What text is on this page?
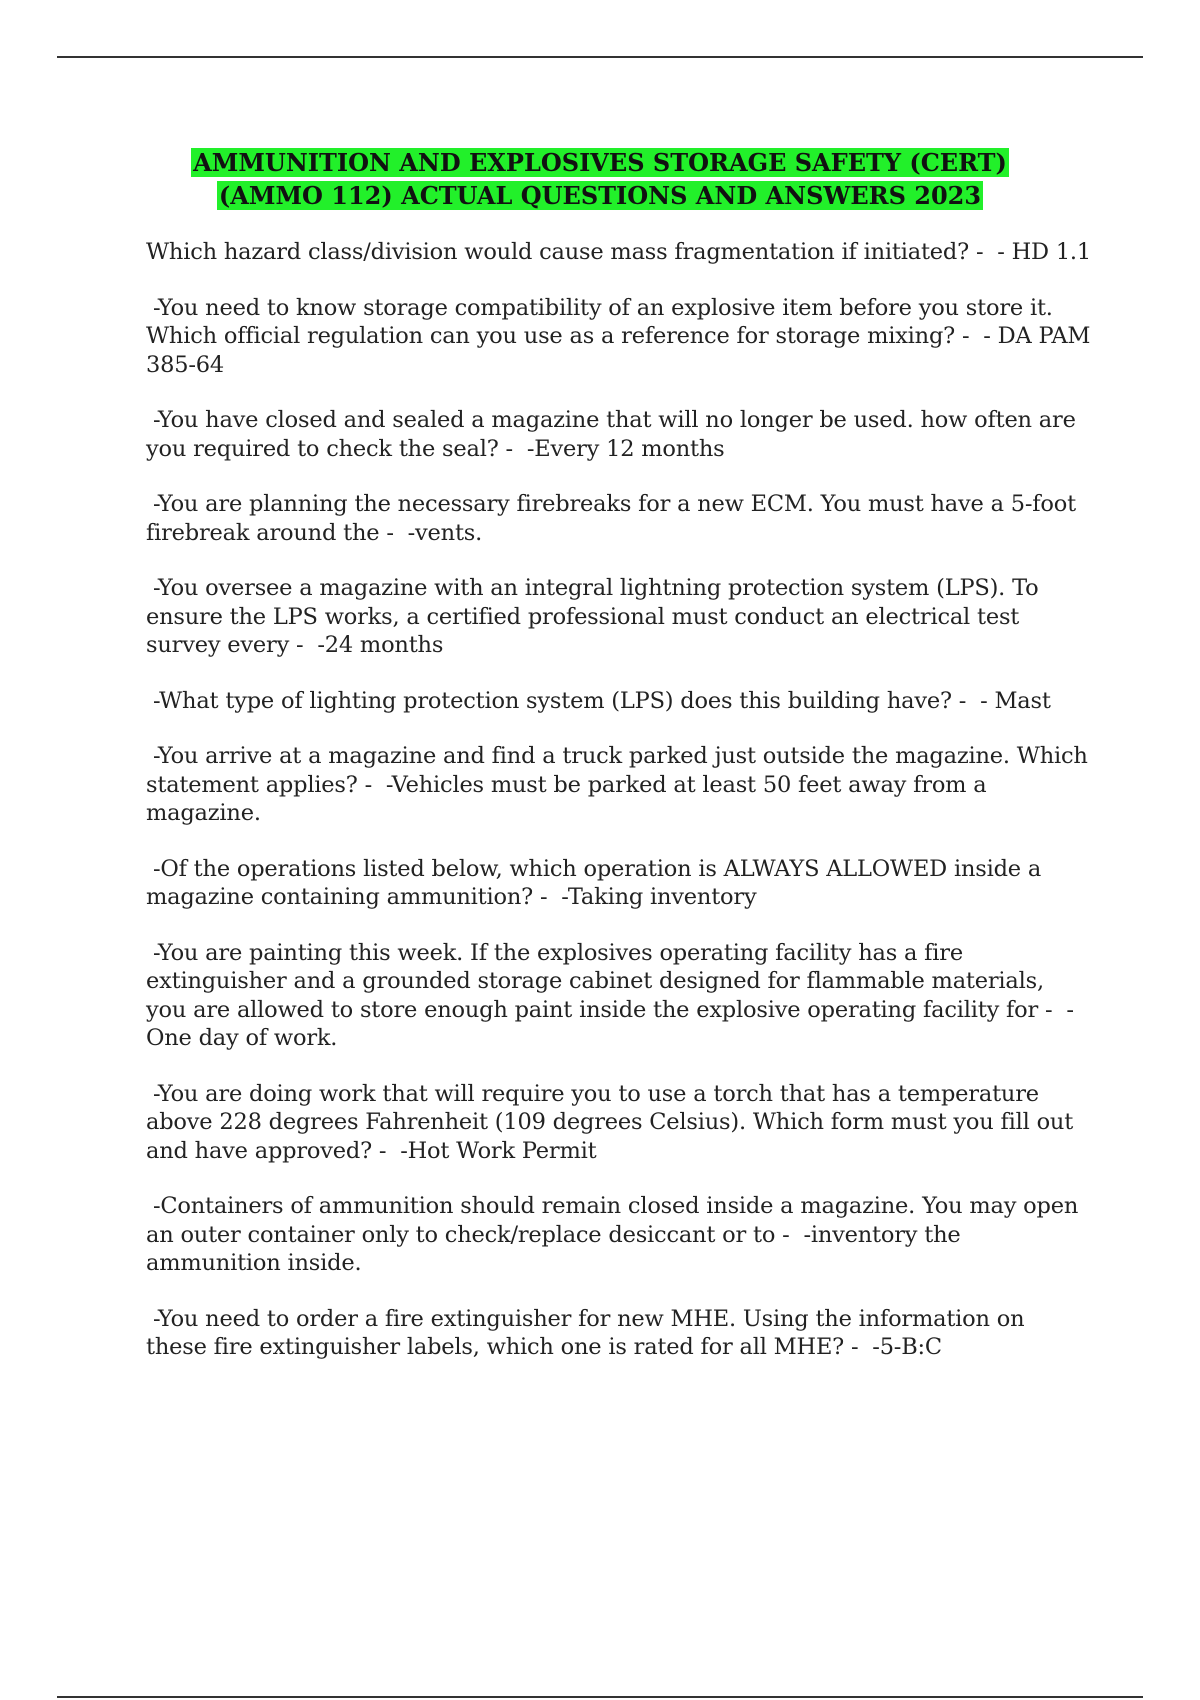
AMMUNITION AND EXPLOSIVES STORAGE SAFETY (CERT)
(AMMO 112) ACTUAL QUESTIONS AND ANSWERS 2023
Which hazard class/division would cause mass fragmentation if initiated? -  - HD 1.1
-You need to know storage compatibility of an explosive item before you store it. Which official regulation can you use as a reference for storage mixing? -  - DA PAM 385-64
-You have closed and sealed a magazine that will no longer be used. how often are you required to check the seal? -  -Every 12 months
-You are planning the necessary firebreaks for a new ECM. You must have a 5-foot firebreak around the -  -vents.
-You oversee a magazine with an integral lightning protection system (LPS). To ensure the LPS works, a certified professional must conduct an electrical test survey every -  -24 months
-What type of lighting protection system (LPS) does this building have? -  - Mast
-You arrive at a magazine and find a truck parked just outside the magazine. Which statement applies? -  -Vehicles must be parked at least 50 feet away from a magazine.
-Of the operations listed below, which operation is ALWAYS ALLOWED inside a magazine containing ammunition? -  -Taking inventory
-You are painting this week. If the explosives operating facility has a fire extinguisher and a grounded storage cabinet designed for flammable materials, you are allowed to store enough paint inside the explosive operating facility for -  -One day of work.
-You are doing work that will require you to use a torch that has a temperature above 228 degrees Fahrenheit (109 degrees Celsius). Which form must you fill out and have approved? -  -Hot Work Permit
-Containers of ammunition should remain closed inside a magazine. You may open an outer container only to check/replace desiccant or to -  -inventory the ammunition inside.
-You need to order a fire extinguisher for new MHE. Using the information on these fire extinguisher labels, which one is rated for all MHE? -  -5-B:C
